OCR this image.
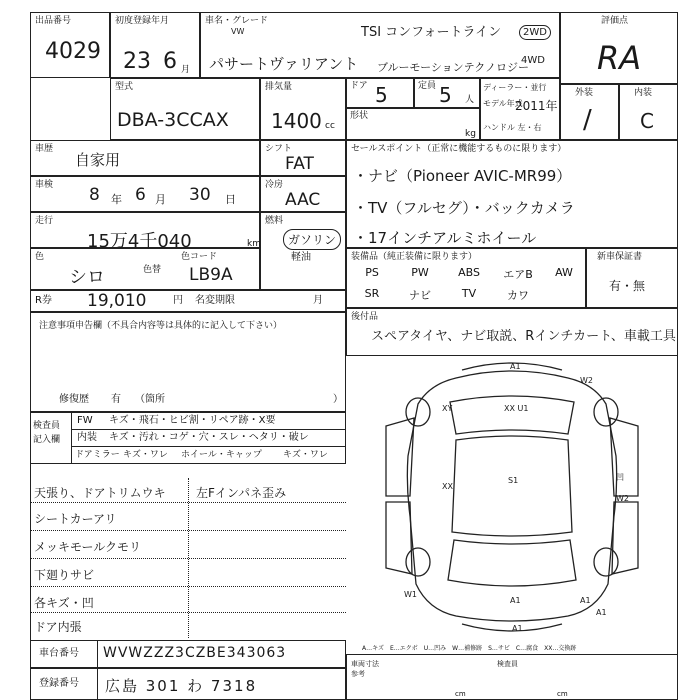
出品番号
4029
初度登録年月
23 6 月
車名・グレード
VW
パサートヴァリアント
TSI コンフォートライン
ブルーモーションテクノロジー
2WD
4WD
評価点
RA
外装
/
内装
C
型式
DBA-3CCAX
排気量
1400 cc
ドア 5	定員 5 人
ディーラー・並行
モデル年式
2011年
ハンドル 左・右
形状
kg
車歴
自家用
シフト
FAT
車検 8 年 6 月 30 日
冷房
AAC
走行
15万4千040	km
燃料
ガソリン
軽油
色
シロ	色替
色コード
LB9A
R券 19,010	円 名変期限	月
セールスポイント（正常に機能するものに限ります）
・ナビ（Pioneer AVIC-MR99）
・TV（フルセグ）・バックカメラ
・17インチアルミホイール
装備品（純正装備に限ります）	新車保証書
有・無
PS	PW	ABS	エアB	AW
SR	ナビ	TV	カワ
後付品
スペアタイヤ、ナビ取説、Rインチカート、車載工具
注意事項申告欄（不具合内容等は具体的に記入して下さい）
修復歴 有 （箇所	）
検査員
記入欄
FW キズ・飛石・ヒビ割・リペア跡・X要
内装 キズ・汚れ・コゲ・穴・スレ・ヘタリ・破レ
ドアミラー キズ・ワレ ホイール・キャップ キズ・ワレ
天張り、ドアトリムウキ	左Fインパネ歪み
シートカーアリ
メッキモールクモリ
下廻りサビ
各キズ・凹
ドア内張
A1
W2
XY	XX U1
XX
S1	凹
W2
W1
A1	A1
A1
A1
車台番号 WVWZZZ3CZBE343063
登録番号 広島 301 わ 7318
A…キズ　E…エクボ　U…凹み　W…補修跡　S…サビ　C…腐食　XX…交換跡
車両寸法
参考
検査員
cm	cm
